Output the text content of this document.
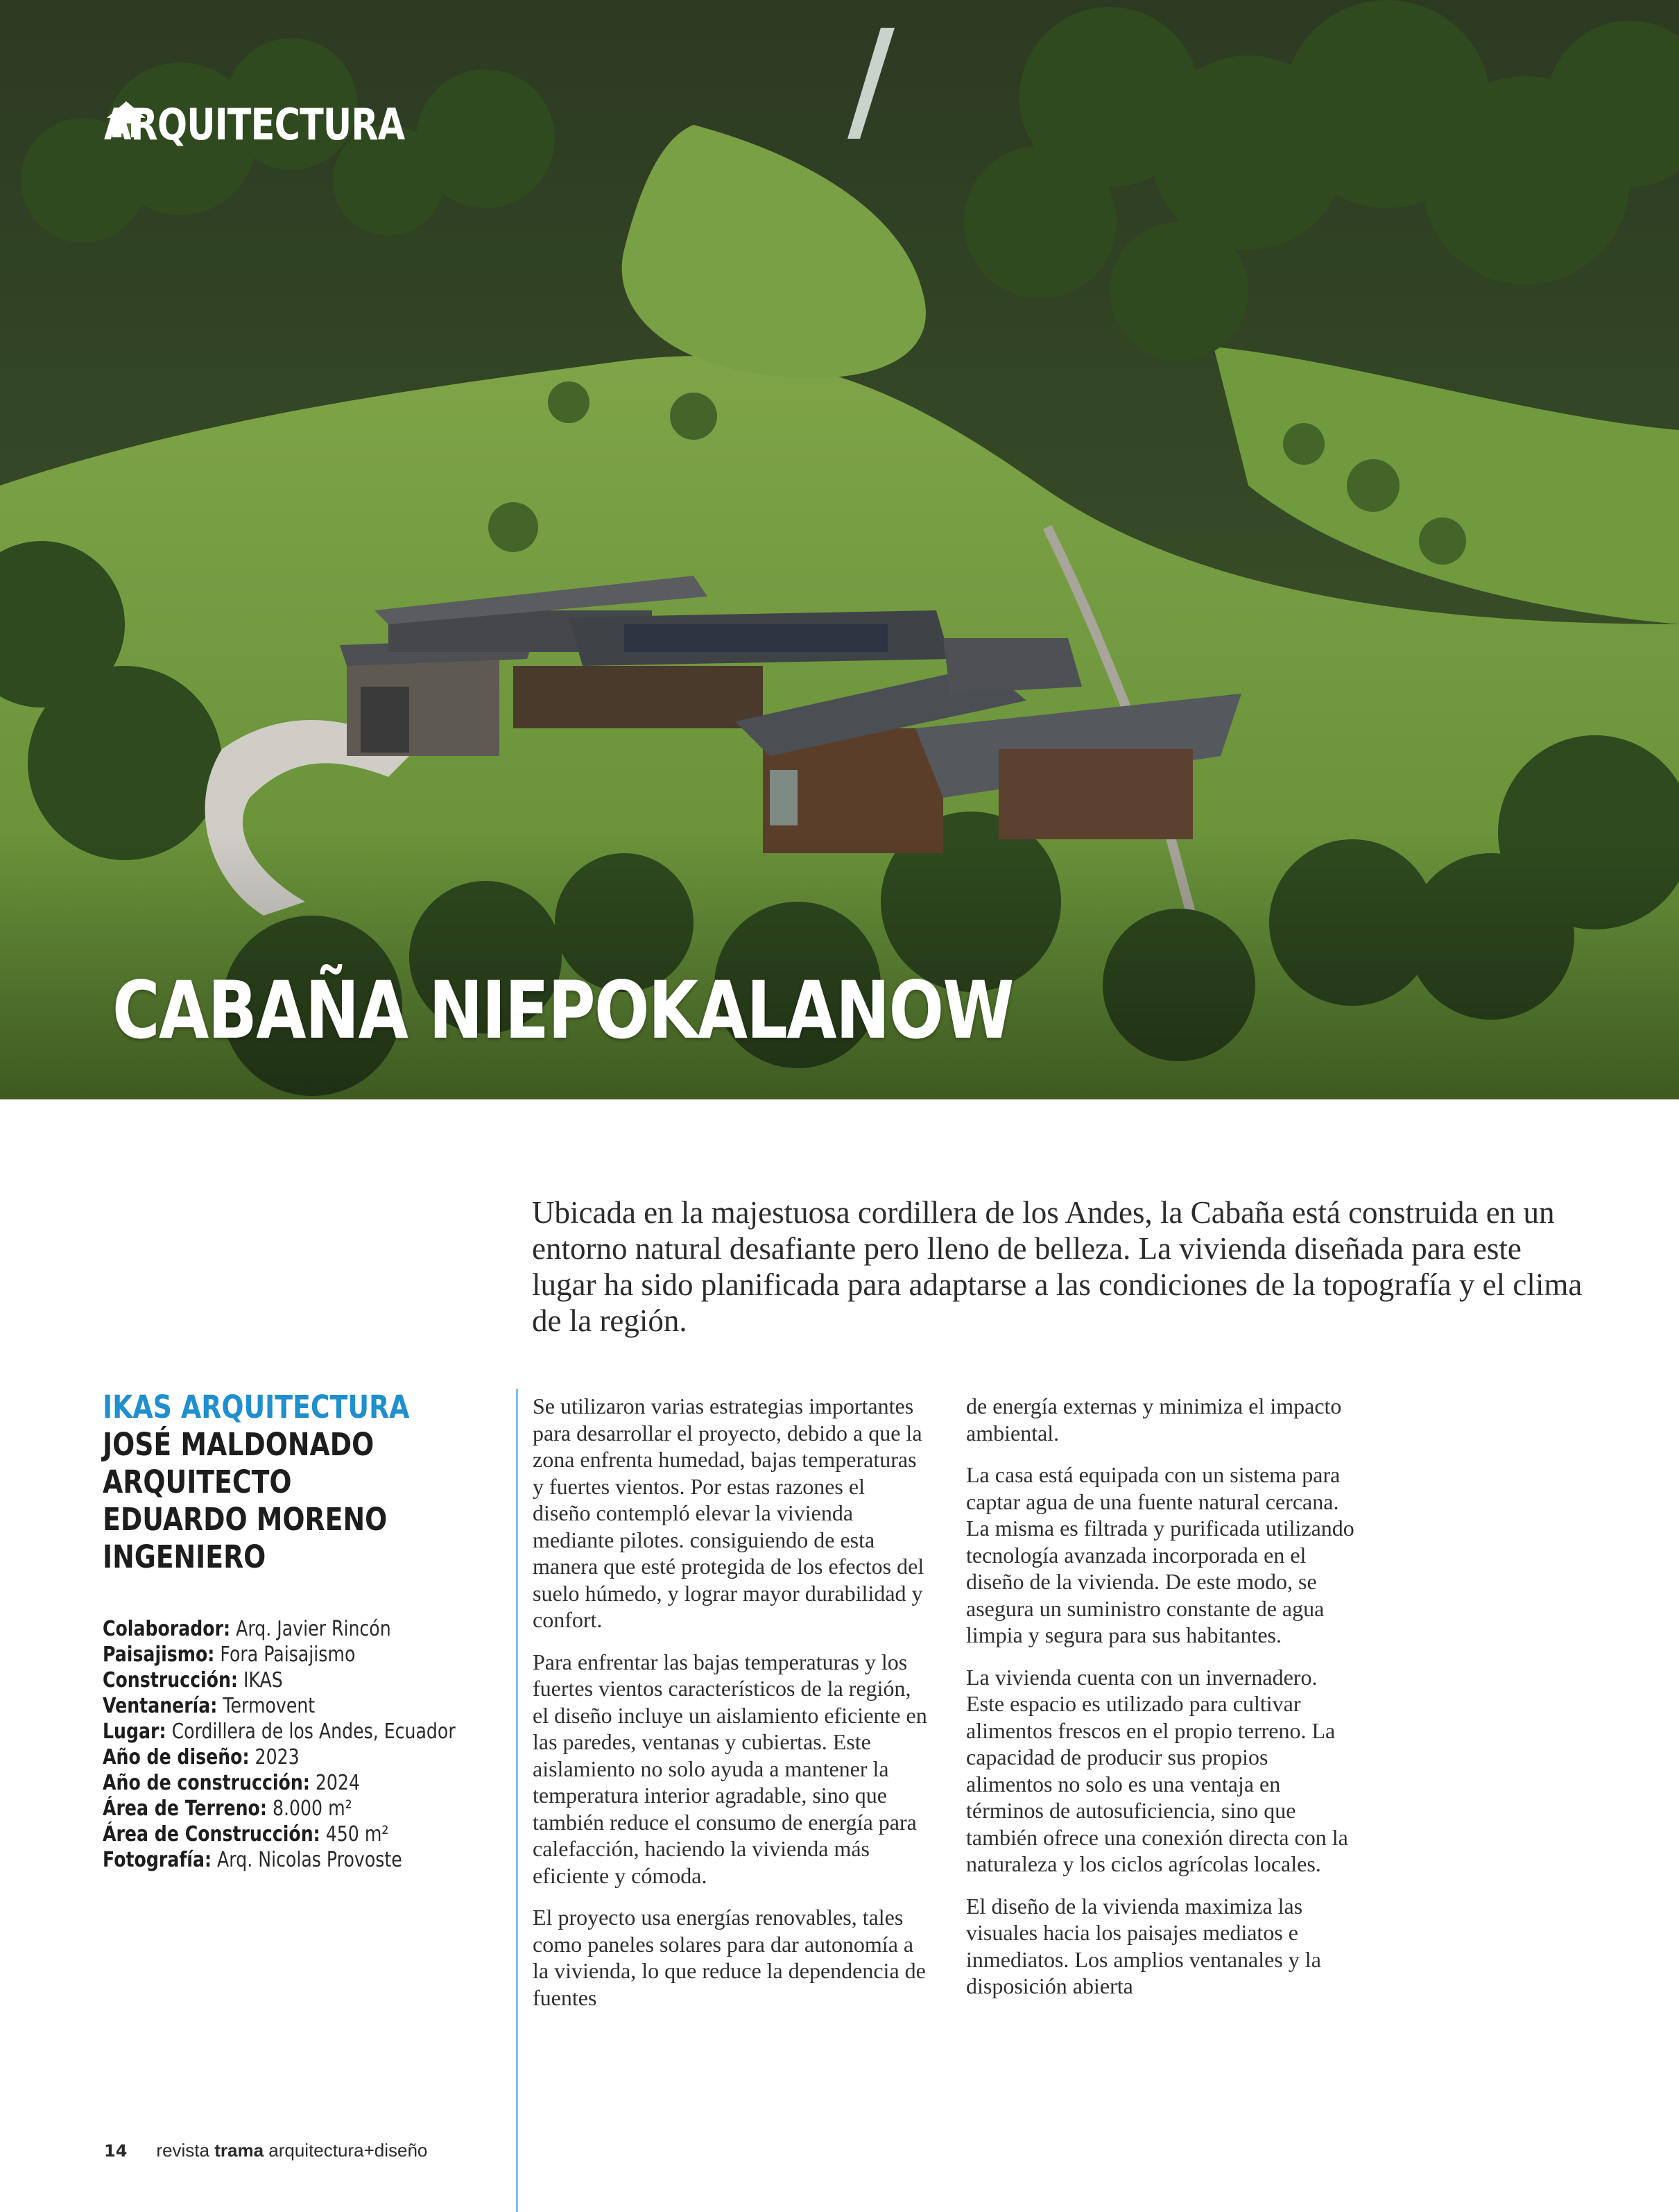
ARQUITECTURA
CABAÑA NIEPOKALANOW
Ubicada en la majestuosa cordillera de los Andes, la Cabaña está construida en un entorno natural desafiante pero lleno de belleza. La vivienda diseñada para este lugar ha sido planificada para adaptarse a las condiciones de la topografía y el clima de la región.
IKAS ARQUITECTURA
JOSÉ MALDONADO
ARQUITECTO
EDUARDO MORENO
INGENIERO
Colaborador: Arq. Javier Rincón
Paisajismo: Fora Paisajismo
Construcción: IKAS
Ventanería: Termovent
Lugar: Cordillera de los Andes, Ecuador
Año de diseño: 2023
Año de construcción: 2024
Área de Terreno: 8.000 m²
Área de Construcción: 450 m²
Fotografía: Arq. Nicolas Provoste

Se utilizaron varias estrategias importantes para desarrollar el proyecto, debido a que la zona enfrenta humedad, bajas temperaturas y fuertes vientos. Por estas razones el diseño contempló elevar la vivienda mediante pilotes. consiguiendo de esta manera que esté protegida de los efectos del suelo húmedo, y lograr mayor durabilidad y confort.

Para enfrentar las bajas temperaturas y los fuertes vientos característicos de la región, el diseño incluye un aislamiento eficiente en las paredes, ventanas y cubiertas. Este aislamiento no solo ayuda a mantener la temperatura interior agradable, sino que también reduce el consumo de energía para calefacción, haciendo la vivienda más eficiente y cómoda.

El proyecto usa energías renovables, tales como paneles solares para dar autonomía a la vivienda, lo que reduce la dependencia de fuentes

de energía externas y minimiza el impacto ambiental.

La casa está equipada con un sistema para captar agua de una fuente natural cercana. La misma es filtrada y purificada utilizando tecnología avanzada incorporada en el diseño de la vivienda. De este modo, se asegura un suministro constante de agua limpia y segura para sus habitantes.

La vivienda cuenta con un invernadero. Este espacio es utilizado para cultivar alimentos frescos en el propio terreno. La capacidad de producir sus propios alimentos no solo es una ventaja en términos de autosuficiencia, sino que también ofrece una conexión directa con la naturaleza y los ciclos agrícolas locales.

El diseño de la vivienda maximiza las visuales hacia los paisajes mediatos e inmediatos. Los amplios ventanales y la disposición abierta

14 revista trama arquitectura+diseño
